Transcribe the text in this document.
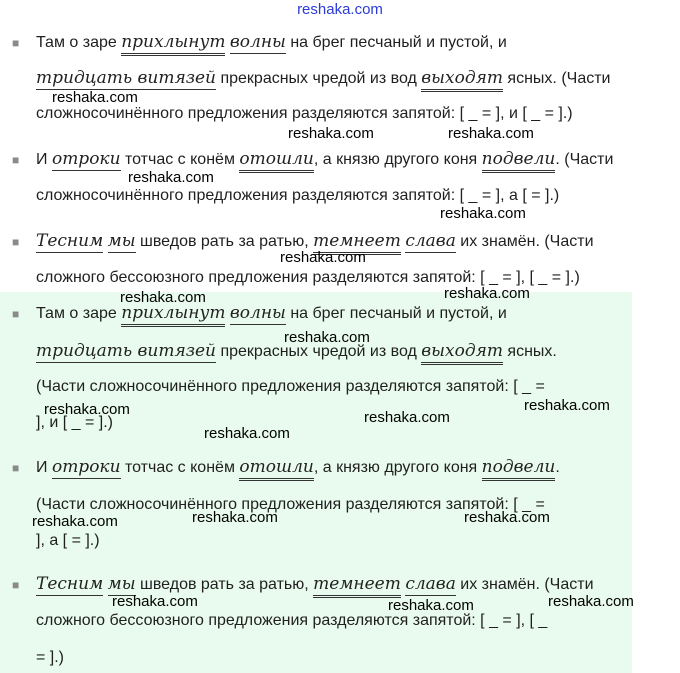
reshaka.com
■	Там о заре прихлынут волны на брег песчаный и пустой, и

тридцать витязей прекрасных чредой из вод выходят ясных. (Части

сложносочинённого предложения разделяются запятой: [ _ = ], и [ _ = ].)

■	И отроки тотчас с конём отошли, а князю другого коня подвели. (Части

сложносочинённого предложения разделяются запятой: [ _ = ], а [ = ].)

■ Тесним мы шведов рать за ратью, темнеет слава их знамён. (Части

сложного бессоюзного предложения разделяются запятой: [ _ = ], [ _ = ].)

■	Там о заре прихлынут волны на брег песчаный и пустой, и

тридцать витязей прекрасных чредой из вод выходят ясных.

(Части сложносочинённого предложения разделяются запятой: [ _ =

], и [ _ = ].)

■	И отроки тотчас с конём отошли, а князю другого коня подвели.

(Части сложносочинённого предложения разделяются запятой: [ _ =

], а [ = ].)

■ Тесним мы шведов рать за ратью, темнеет слава их знамён. (Части

сложного бессоюзного предложения разделяются запятой: [ _ = ], [ _

= ].)

reshaka.com
reshaka.com	reshaka.com
reshaka.com
reshaka.com
reshaka.com
reshaka.com
reshaka.com
reshaka.com
reshaka.com	reshaka.com
reshaka.com
reshaka.com
reshaka.com	reshaka.com	reshaka.com
reshaka.com	reshaka.com	reshaka.com
